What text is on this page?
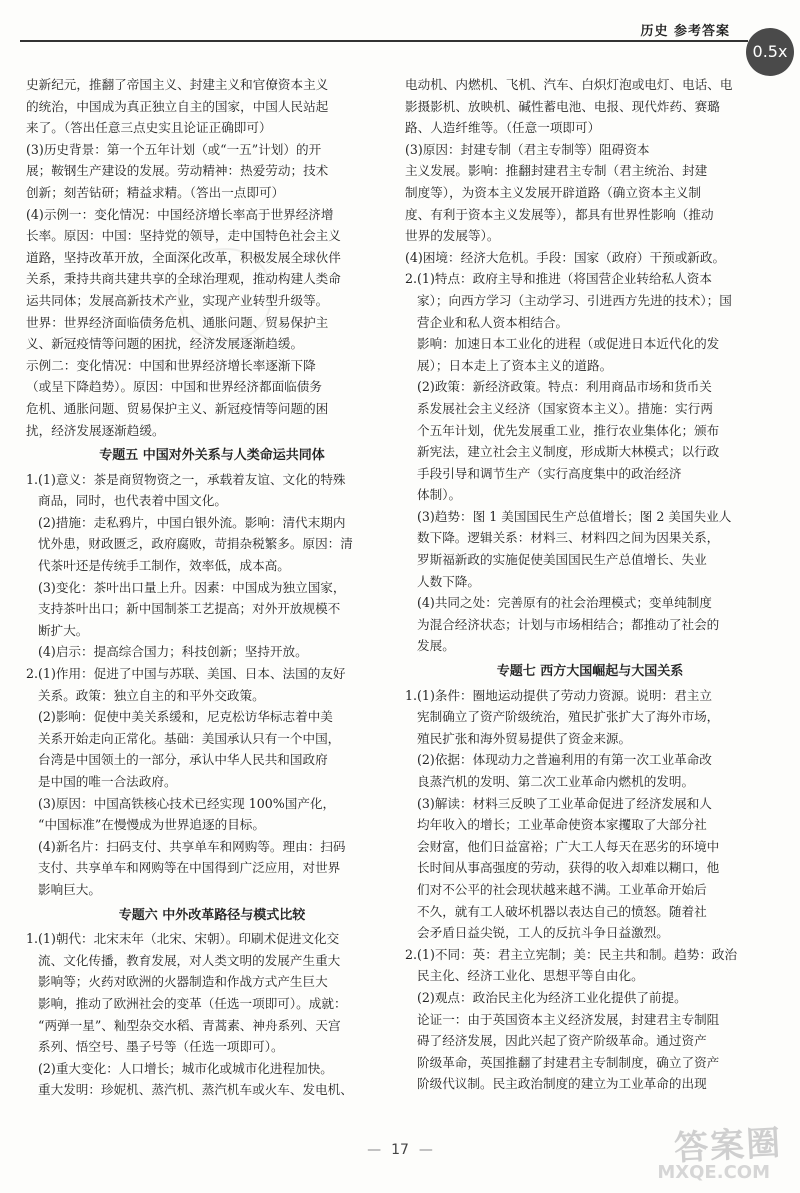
历史 参考答案
0.5x

史新纪元，推翻了帝国主义、封建主义和官僚资本主义

的统治，中国成为真正独立自主的国家，中国人民站起

来了。（答出任意三点史实且论证正确即可）

(3)历史背景：第一个五年计划（或“一五”计划）的开

展；鞍钢生产建设的发展。劳动精神：热爱劳动；技术

创新；刻苦钻研；精益求精。（答出一点即可）

(4)示例一：变化情况：中国经济增长率高于世界经济增

长率。原因：中国：坚持党的领导，走中国特色社会主义

道路，坚持改革开放，全面深化改革，积极发展全球伙伴

关系，秉持共商共建共享的全球治理观，推动构建人类命

运共同体；发展高新技术产业，实现产业转型升级等。

世界：世界经济面临债务危机、通胀问题、贸易保护主

义、新冠疫情等问题的困扰，经济发展逐渐趋缓。

示例二：变化情况：中国和世界经济增长率逐渐下降

（或呈下降趋势）。原因：中国和世界经济都面临债务

危机、通胀问题、贸易保护主义、新冠疫情等问题的困

扰，经济发展逐渐趋缓。

专题五 中国对外关系与人类命运共同体

1.(1)意义：茶是商贸物资之一，承载着友谊、文化的特殊

商品，同时，也代表着中国文化。

(2)措施：走私鸦片，中国白银外流。影响：清代末期内

忧外患，财政匮乏，政府腐败，苛捐杂税繁多。原因：清

代茶叶还是传统手工制作，效率低，成本高。

(3)变化：茶叶出口量上升。因素：中国成为独立国家，

支持茶叶出口；新中国制茶工艺提高；对外开放规模不

断扩大。

(4)启示：提高综合国力；科技创新；坚持开放。

2.(1)作用：促进了中国与苏联、美国、日本、法国的友好

关系。政策：独立自主的和平外交政策。

(2)影响：促使中美关系缓和，尼克松访华标志着中美

关系开始走向正常化。基础：美国承认只有一个中国，

台湾是中国领土的一部分，承认中华人民共和国政府

是中国的唯一合法政府。

(3)原因：中国高铁核心技术已经实现 100%国产化，

“中国标准”在慢慢成为世界追逐的目标。

(4)新名片：扫码支付、共享单车和网购等。理由：扫码

支付、共享单车和网购等在中国得到广泛应用，对世界

影响巨大。

专题六 中外改革路径与模式比较

1.(1)朝代：北宋末年（北宋、宋朝）。印刷术促进文化交

流、文化传播，教育发展，对人类文明的发展产生重大

影响等；火药对欧洲的火器制造和作战方式产生巨大

影响，推动了欧洲社会的变革（任选一项即可）。成就：

“两弹一星”、籼型杂交水稻、青蒿素、神舟系列、天宫

系列、悟空号、墨子号等（任选一项即可）。

(2)重大变化：人口增长；城市化或城市化进程加快。

重大发明：珍妮机、蒸汽机、蒸汽机车或火车、发电机、

电动机、内燃机、飞机、汽车、白炽灯泡或电灯、电话、电

影摄影机、放映机、碱性蓄电池、电报、现代炸药、赛璐

路、人造纤维等。（任意一项即可）

(3)原因：封建专制（君主专制等）阻碍资本

主义发展。影响：推翻封建君主专制（君主统治、封建

制度等），为资本主义发展开辟道路（确立资本主义制

度、有利于资本主义发展等），都具有世界性影响（推动

世界的发展等）。

(4)困境：经济大危机。手段：国家（政府）干预或新政。

2.(1)特点：政府主导和推进（将国营企业转给私人资本

家）；向西方学习（主动学习、引进西方先进的技术）；国

营企业和私人资本相结合。

影响：加速日本工业化的进程（或促进日本近代化的发

展）；日本走上了资本主义的道路。

(2)政策：新经济政策。特点：利用商品市场和货币关

系发展社会主义经济（国家资本主义）。措施：实行两

个五年计划，优先发展重工业，推行农业集体化；颁布

新宪法，建立社会主义制度，形成斯大林模式；以行政

手段引导和调节生产（实行高度集中的政治经济

体制）。

(3)趋势：图 1 美国国民生产总值增长；图 2 美国失业人

数下降。逻辑关系：材料三、材料四之间为因果关系，

罗斯福新政的实施促使美国国民生产总值增长、失业

人数下降。

(4)共同之处：完善原有的社会治理模式；变单纯制度

为混合经济状态；计划与市场相结合；都推动了社会的

发展。

专题七 西方大国崛起与大国关系

1.(1)条件：圈地运动提供了劳动力资源。说明：君主立

宪制确立了资产阶级统治，殖民扩张扩大了海外市场，

殖民扩张和海外贸易提供了资金来源。

(2)依据：体现动力之普遍利用的有第一次工业革命改

良蒸汽机的发明、第二次工业革命内燃机的发明。

(3)解读：材料三反映了工业革命促进了经济发展和人

均年收入的增长；工业革命使资本家攫取了大部分社

会财富，他们日益富裕；广大工人每天在恶劣的环境中

长时间从事高强度的劳动，获得的收入却难以糊口，他

们对不公平的社会现状越来越不满。工业革命开始后

不久，就有工人破坏机器以表达自己的愤怒。随着社

会矛盾日益尖锐，工人的反抗斗争日益激烈。

2.(1)不同：英：君主立宪制；美：民主共和制。趋势：政治

民主化、经济工业化、思想平等自由化。

(2)观点：政治民主化为经济工业化提供了前提。

论证一：由于英国资本主义经济发展，封建君主专制阻

碍了经济发展，因此兴起了资产阶级革命。通过资产

阶级革命，英国推翻了封建君主专制制度，确立了资产

阶级代议制。民主政治制度的建立为工业革命的出现

— 17 —	答案圈
MXQE.COM
